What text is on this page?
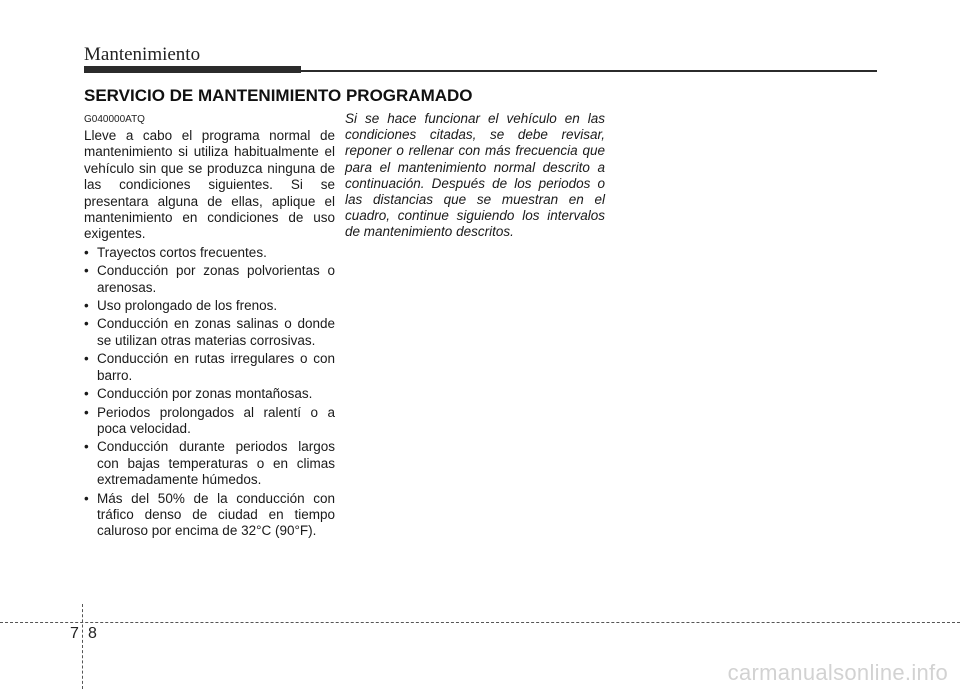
Mantenimiento
SERVICIO DE MANTENIMIENTO PROGRAMADO
G040000ATQ

Lleve a cabo el programa normal de mantenimiento si utiliza habitualmente el vehículo sin que se produzca ninguna de las condiciones siguientes. Si se presentara alguna de ellas, aplique el mantenimiento en condiciones de uso exigentes.

• Trayectos cortos frecuentes.
• Conducción por zonas polvorientas o arenosas.
• Uso prolongado de los frenos.
• Conducción en zonas salinas o donde se utilizan otras materias corrosivas.
• Conducción en rutas irregulares o con barro.
• Conducción por zonas montañosas.
• Periodos prolongados al ralentí o a poca velocidad.
• Conducción durante periodos largos con bajas temperaturas o en climas extremadamente húmedos.
• Más del 50% de la conducción con tráfico denso de ciudad en tiempo caluroso por encima de 32°C (90°F).
Si se hace funcionar el vehículo en las condiciones citadas, se debe revisar, reponer o rellenar con más frecuencia que para el mantenimiento normal descrito a continuación. Después de los periodos o las distancias que se muestran en el cuadro, continue siguiendo los intervalos de mantenimiento descritos.
7 8
carmanualsonline.info
